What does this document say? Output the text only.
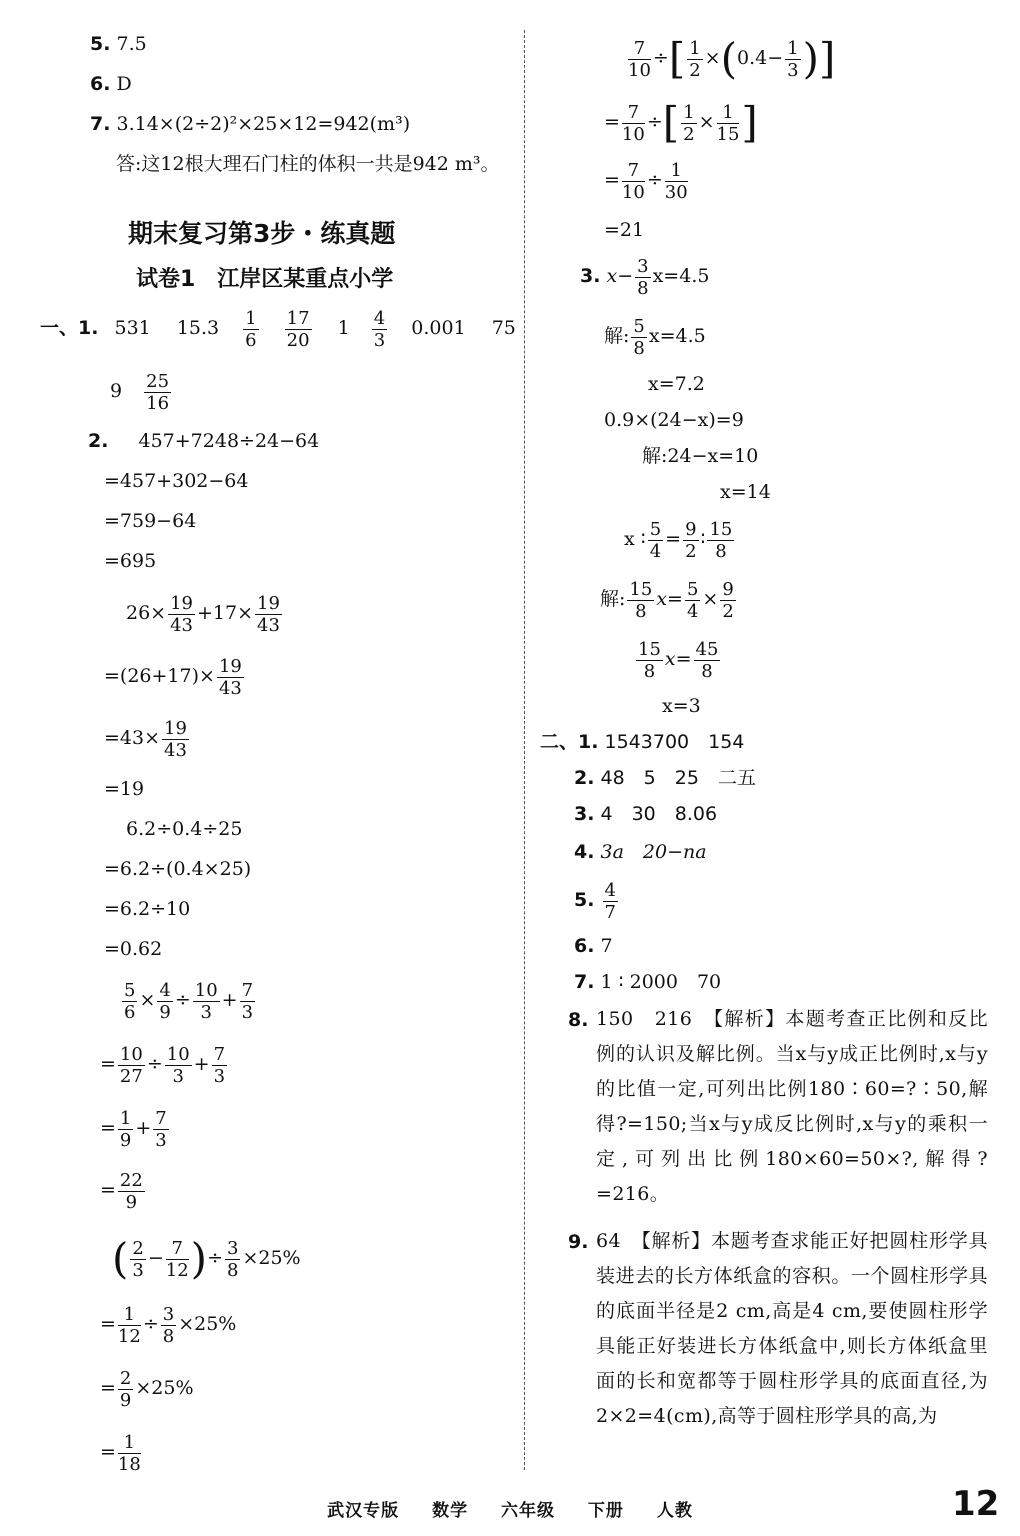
5. 7.5
6. D
7. 3.14×(2÷2)²×25×12=942(m³)
答:这12根大理石门柱的体积一共是942 m³。
期末复习第3步・练真题
试卷1　江岸区某重点小学
一、1. 531 $15.3 \frac{1}{6}$
$\frac{17}{20} 1 \frac{4}{3} 0.001$ 75
$9 \frac{25}{16}$
2. 457+7248÷24−64
=457+302−64
=759−64
=695
$26\times \frac{19}{43} +17\times \frac{19}{43}$
$=(26+17)\times \frac{19}{43}$
$=43\times \frac{19}{43}$
=19
6.2÷0.4÷25
=6.2÷(0.4×25)
=6.2÷10
=0.62
$\frac{5}{6} \times \frac{4}{9} \div \frac{10}{3} + \frac{7}{3}$
= $\frac{10}{27} \div \frac{10}{3} + \frac{7}{3}$
= $\frac{1}{9} + \frac{7}{3}$
= $\frac{22}{9}$
( $\frac{2}{3} - \frac{7}{12}$ )÷ $\frac{3}{8} \times 25\%$
= $\frac{1}{12} \div \frac{3}{8} \times 25\%$
= $\frac{2}{9} \times 25\%$
= $\frac{1}{18}$
$\frac{7}{10}$ ÷[ $\frac{1}{2} \times(0.4- \frac{1}{3}$ )]
= $\frac{7}{10}$ ÷[ $\frac{1}{2} \times \frac{1}{15}$ ]
= $\frac{7}{10} \div \frac{1}{30}$
=21
3. $x- \frac{3}{8} x=4.5$
解: $\frac{5}{8} x=4.5$
x=7.2
0.9×(24−x)=9
解:24−x=10
x=14
x ∶ $\frac{5}{4} = \frac{9}{2}$ ∶ $\frac{15}{8}$
解: $\frac{15}{8} x= \frac{5}{4} \times \frac{9}{2}$
$\frac{15}{8} x= \frac{45}{8}$
x=3
二、1. 1543700　154
2. 48　5　25　二五
3. 4　30　8.06
4. 3a　20−na
5. $\frac{4}{7}$
6. 7
7. 1 ∶ 2000　70
8. 150　216　【解析】本题考查正比例和反比例的认识及解比例。当x与y成正比例时,x与y的比值一定,可列出比例180∶60=?∶50,解得?=150;当x与y成反比例时,x与y的乘积一定,可列出比例180×60=50×?,解得?=216。
9. 64　【解析】本题考查求能正好把圆柱形学具装进去的长方体纸盒的容积。一个圆柱形学具的底面半径是2 cm,高是4 cm,要使圆柱形学具能正好装进长方体纸盒中,则长方体纸盒里面的长和宽都等于圆柱形学具的底面直径,为2×2=4(cm),高等于圆柱形学具的高,为
武汉专版 数学 六年级 下册 人教	12
